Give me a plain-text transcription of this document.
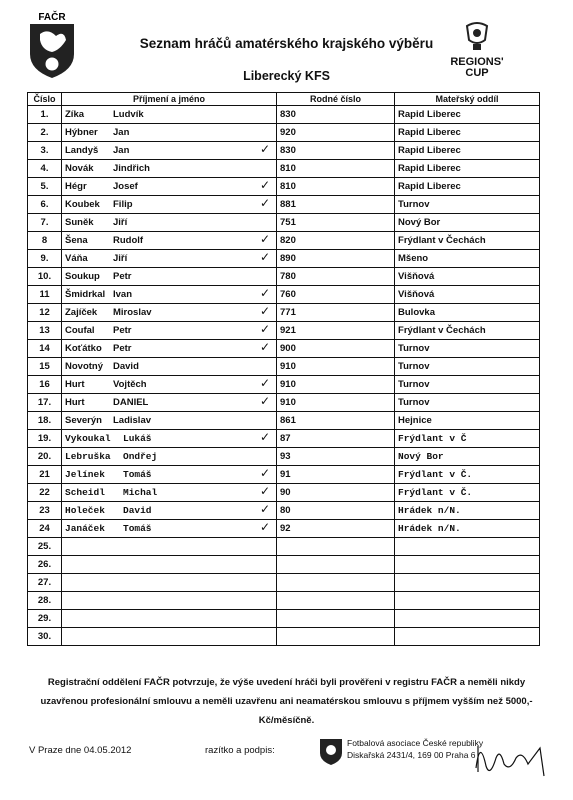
FAČR
REGIONS'
CUP
Seznam hráčů amatérského krajského výběru
Liberecký KFS
Číslo	Příjmení a jméno	Rodné číslo		Mateřský oddíl
1.	Zíka Ludvík	830		Rapid Liberec
2.	Hýbner Jan	920		Rapid Liberec
3.	Landyš Jan ✓	830		Rapid Liberec
4.	Novák Jindřich	810		Rapid Liberec
5.	Hégr Josef ✓	810		Rapid Liberec
6.	Koubek Filip ✓	881		Turnov
7.	Suněk Jiří	751		Nový Bor
8	Šena Rudolf ✓	820		Frýdlant v Čechách
9.	Váňa Jiří ✓	890		Mšeno
10.	Soukup Petr	780		Višňová
11	Šmidrkal Ivan ✓	760		Višňová
12	Zajíček Miroslav ✓	771		Bulovka
13	Coufal Petr ✓	921		Frýdlant v Čechách
14	Koťátko Petr ✓	900		Turnov
15	Novotný David	910		Turnov
16	Hurt Vojtěch ✓	910		Turnov
17.	Hurt DANIEL ✓	910		Turnov
18.	Severýn Ladislav	861		Hejnice
19.	Vykoukal Lukáš ✓	87		Frýdlant v Č
20.	Lebruška Ondřej	93		Nový Bor
21	Jelínek Tomáš ✓	91		Frýdlant v Č.
22	Scheidl Michal ✓	90		Frýdlant v Č.
23	Holeček David ✓	80		Hrádek n/N.
24	Janáček Tomáš ✓	92		Hrádek n/N.
25.	

26.	

27.	

28.	

29.	

30.	

Registrační oddělení FAČR potvrzuje, že výše uvedení hráči byli prověřeni v registru FAČR a neměli nikdy uzavřenou profesionální smlouvu a neměli uzavřenu ani neamatérskou smlouvu s příjmem vyšším než 5000,- Kč/měsíčně.
V Praze dne 04.05.2012	razítko a podpis:
Fotbalová asociace České republiky
Diskařská 2431/4, 169 00 Praha 6
